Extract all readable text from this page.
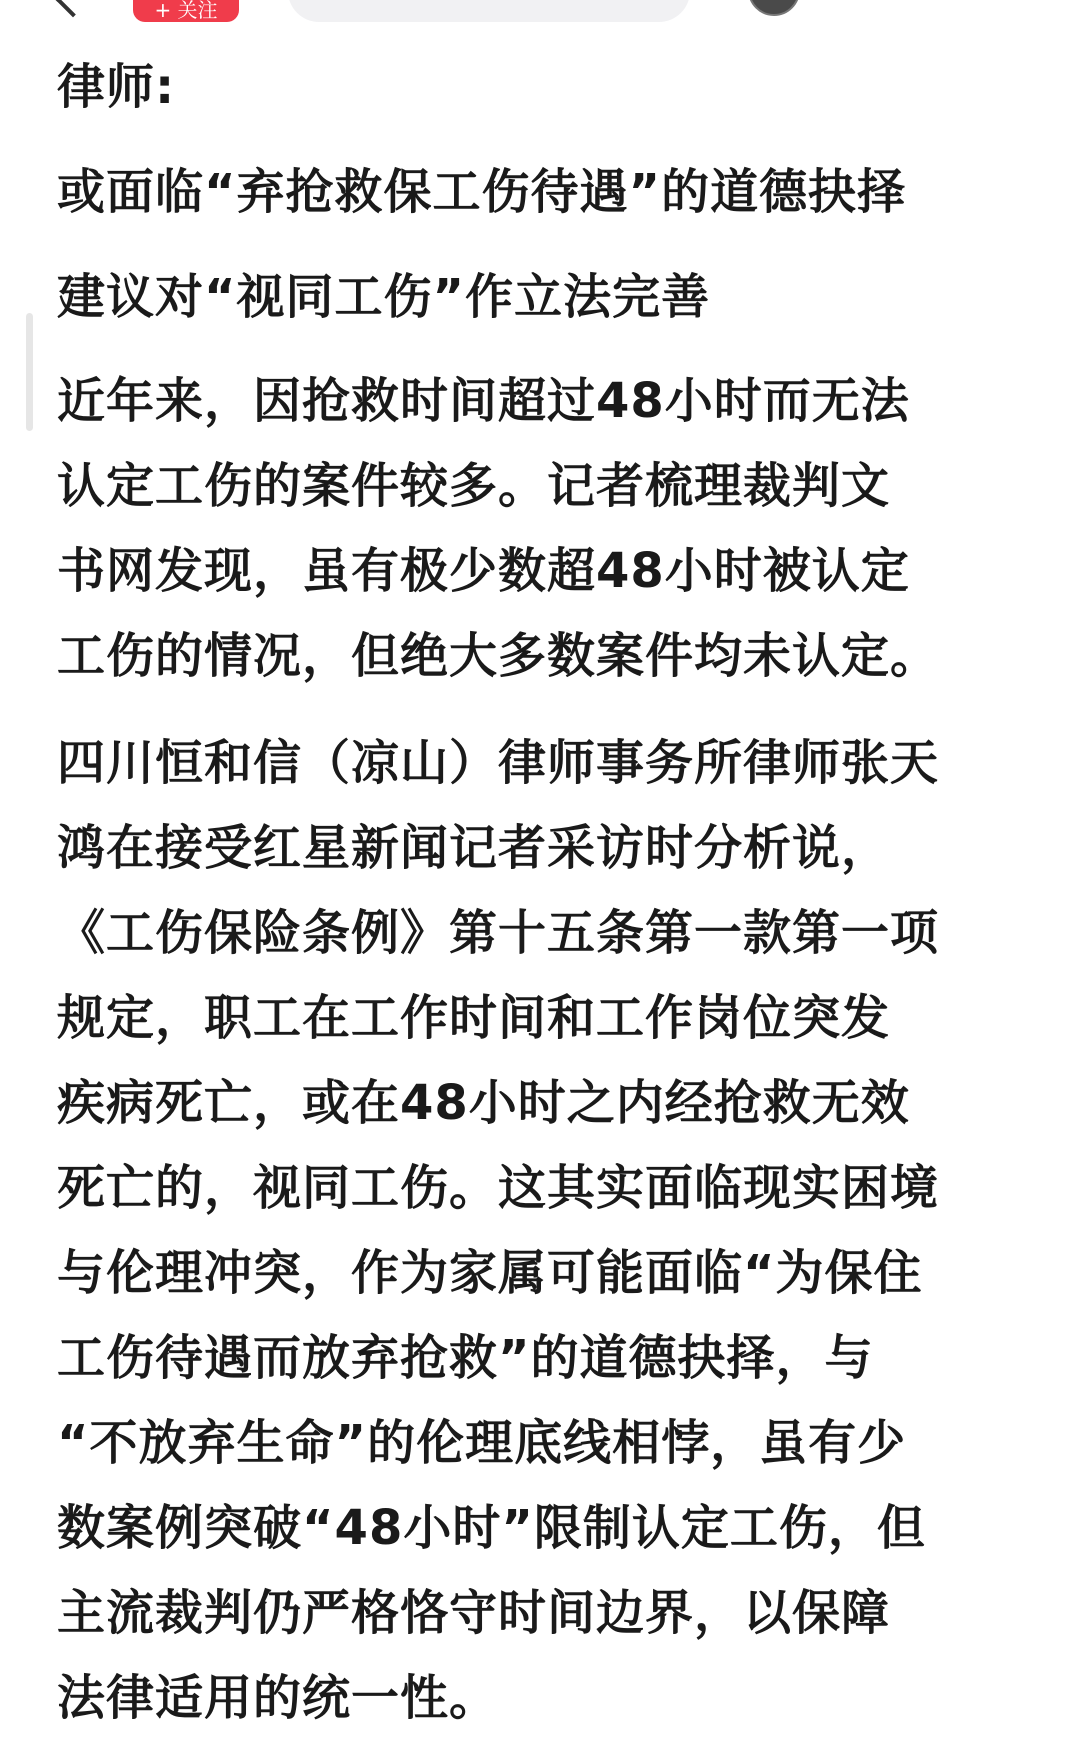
+ 关注

律师:

或面临“弃抢救保工伤待遇”的道德抉择

建议对“视同工伤”作立法完善

近年来，因抢救时间超过48小时而无法
认定工伤的案件较多。记者梳理裁判文
书网发现，虽有极少数超48小时被认定
工伤的情况，但绝大多数案件均未认定。
四川恒和信（凉山）律师事务所律师张天
鸿在接受红星新闻记者采访时分析说，
《工伤保险条例》第十五条第一款第一项
规定，职工在工作时间和工作岗位突发
疾病死亡，或在48小时之内经抢救无效
死亡的，视同工伤。这其实面临现实困境
与伦理冲突，作为家属可能面临“为保住
工伤待遇而放弃抢救”的道德抉择，与
“不放弃生命”的伦理底线相悖，虽有少
数案例突破“48小时”限制认定工伤，但
主流裁判仍严格恪守时间边界，以保障
法律适用的统一性。
